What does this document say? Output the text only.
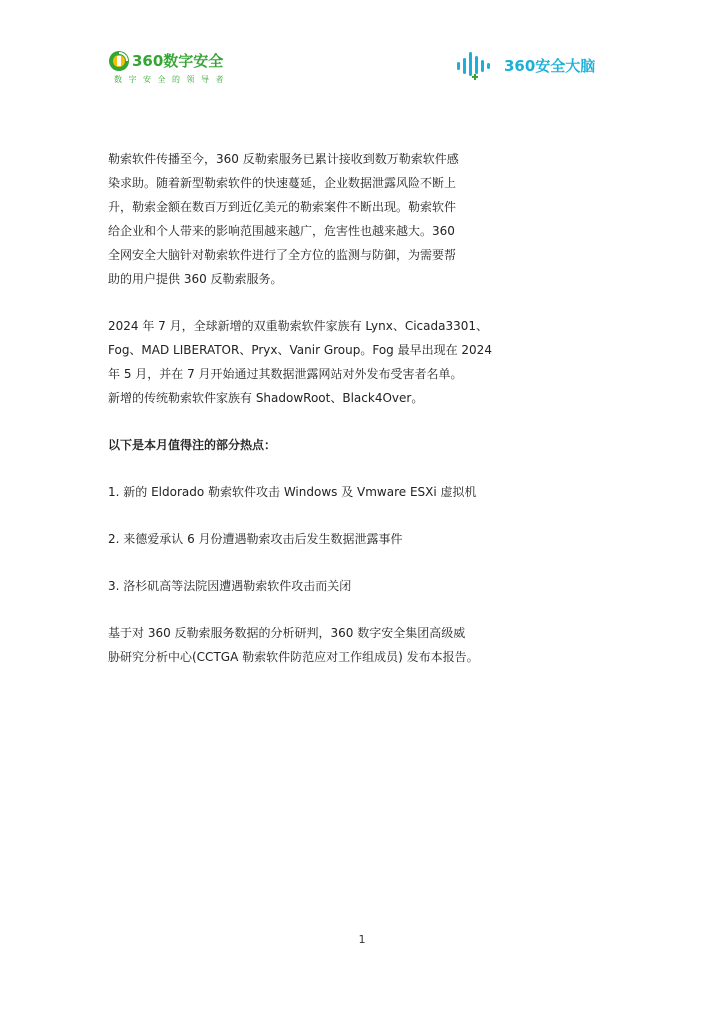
360数字安全
数字安全的领导者
360安全大脑

勒索软件传播至今，360 反勒索服务已累计接收到数万勒索软件感

染求助。随着新型勒索软件的快速蔓延，企业数据泄露风险不断上

升，勒索金额在数百万到近亿美元的勒索案件不断出现。勒索软件

给企业和个人带来的影响范围越来越广，危害性也越来越大。360

全网安全大脑针对勒索软件进行了全方位的监测与防御，为需要帮

助的用户提供 360 反勒索服务。

2024 年 7 月，全球新增的双重勒索软件家族有 Lynx、Cicada3301、

Fog、MAD LIBERATOR、Pryx、Vanir Group。Fog 最早出现在 2024

年 5 月，并在 7 月开始通过其数据泄露网站对外发布受害者名单。

新增的传统勒索软件家族有 ShadowRoot、Black4Over。

以下是本月值得注的部分热点：

1. 新的 Eldorado 勒索软件攻击 Windows 及 Vmware ESXi 虚拟机

2. 来德爱承认 6 月份遭遇勒索攻击后发生数据泄露事件

3. 洛杉矶高等法院因遭遇勒索软件攻击而关闭

基于对 360 反勒索服务数据的分析研判，360 数字安全集团高级威

胁研究分析中心(CCTGA 勒索软件防范应对工作组成员) 发布本报告。

1
